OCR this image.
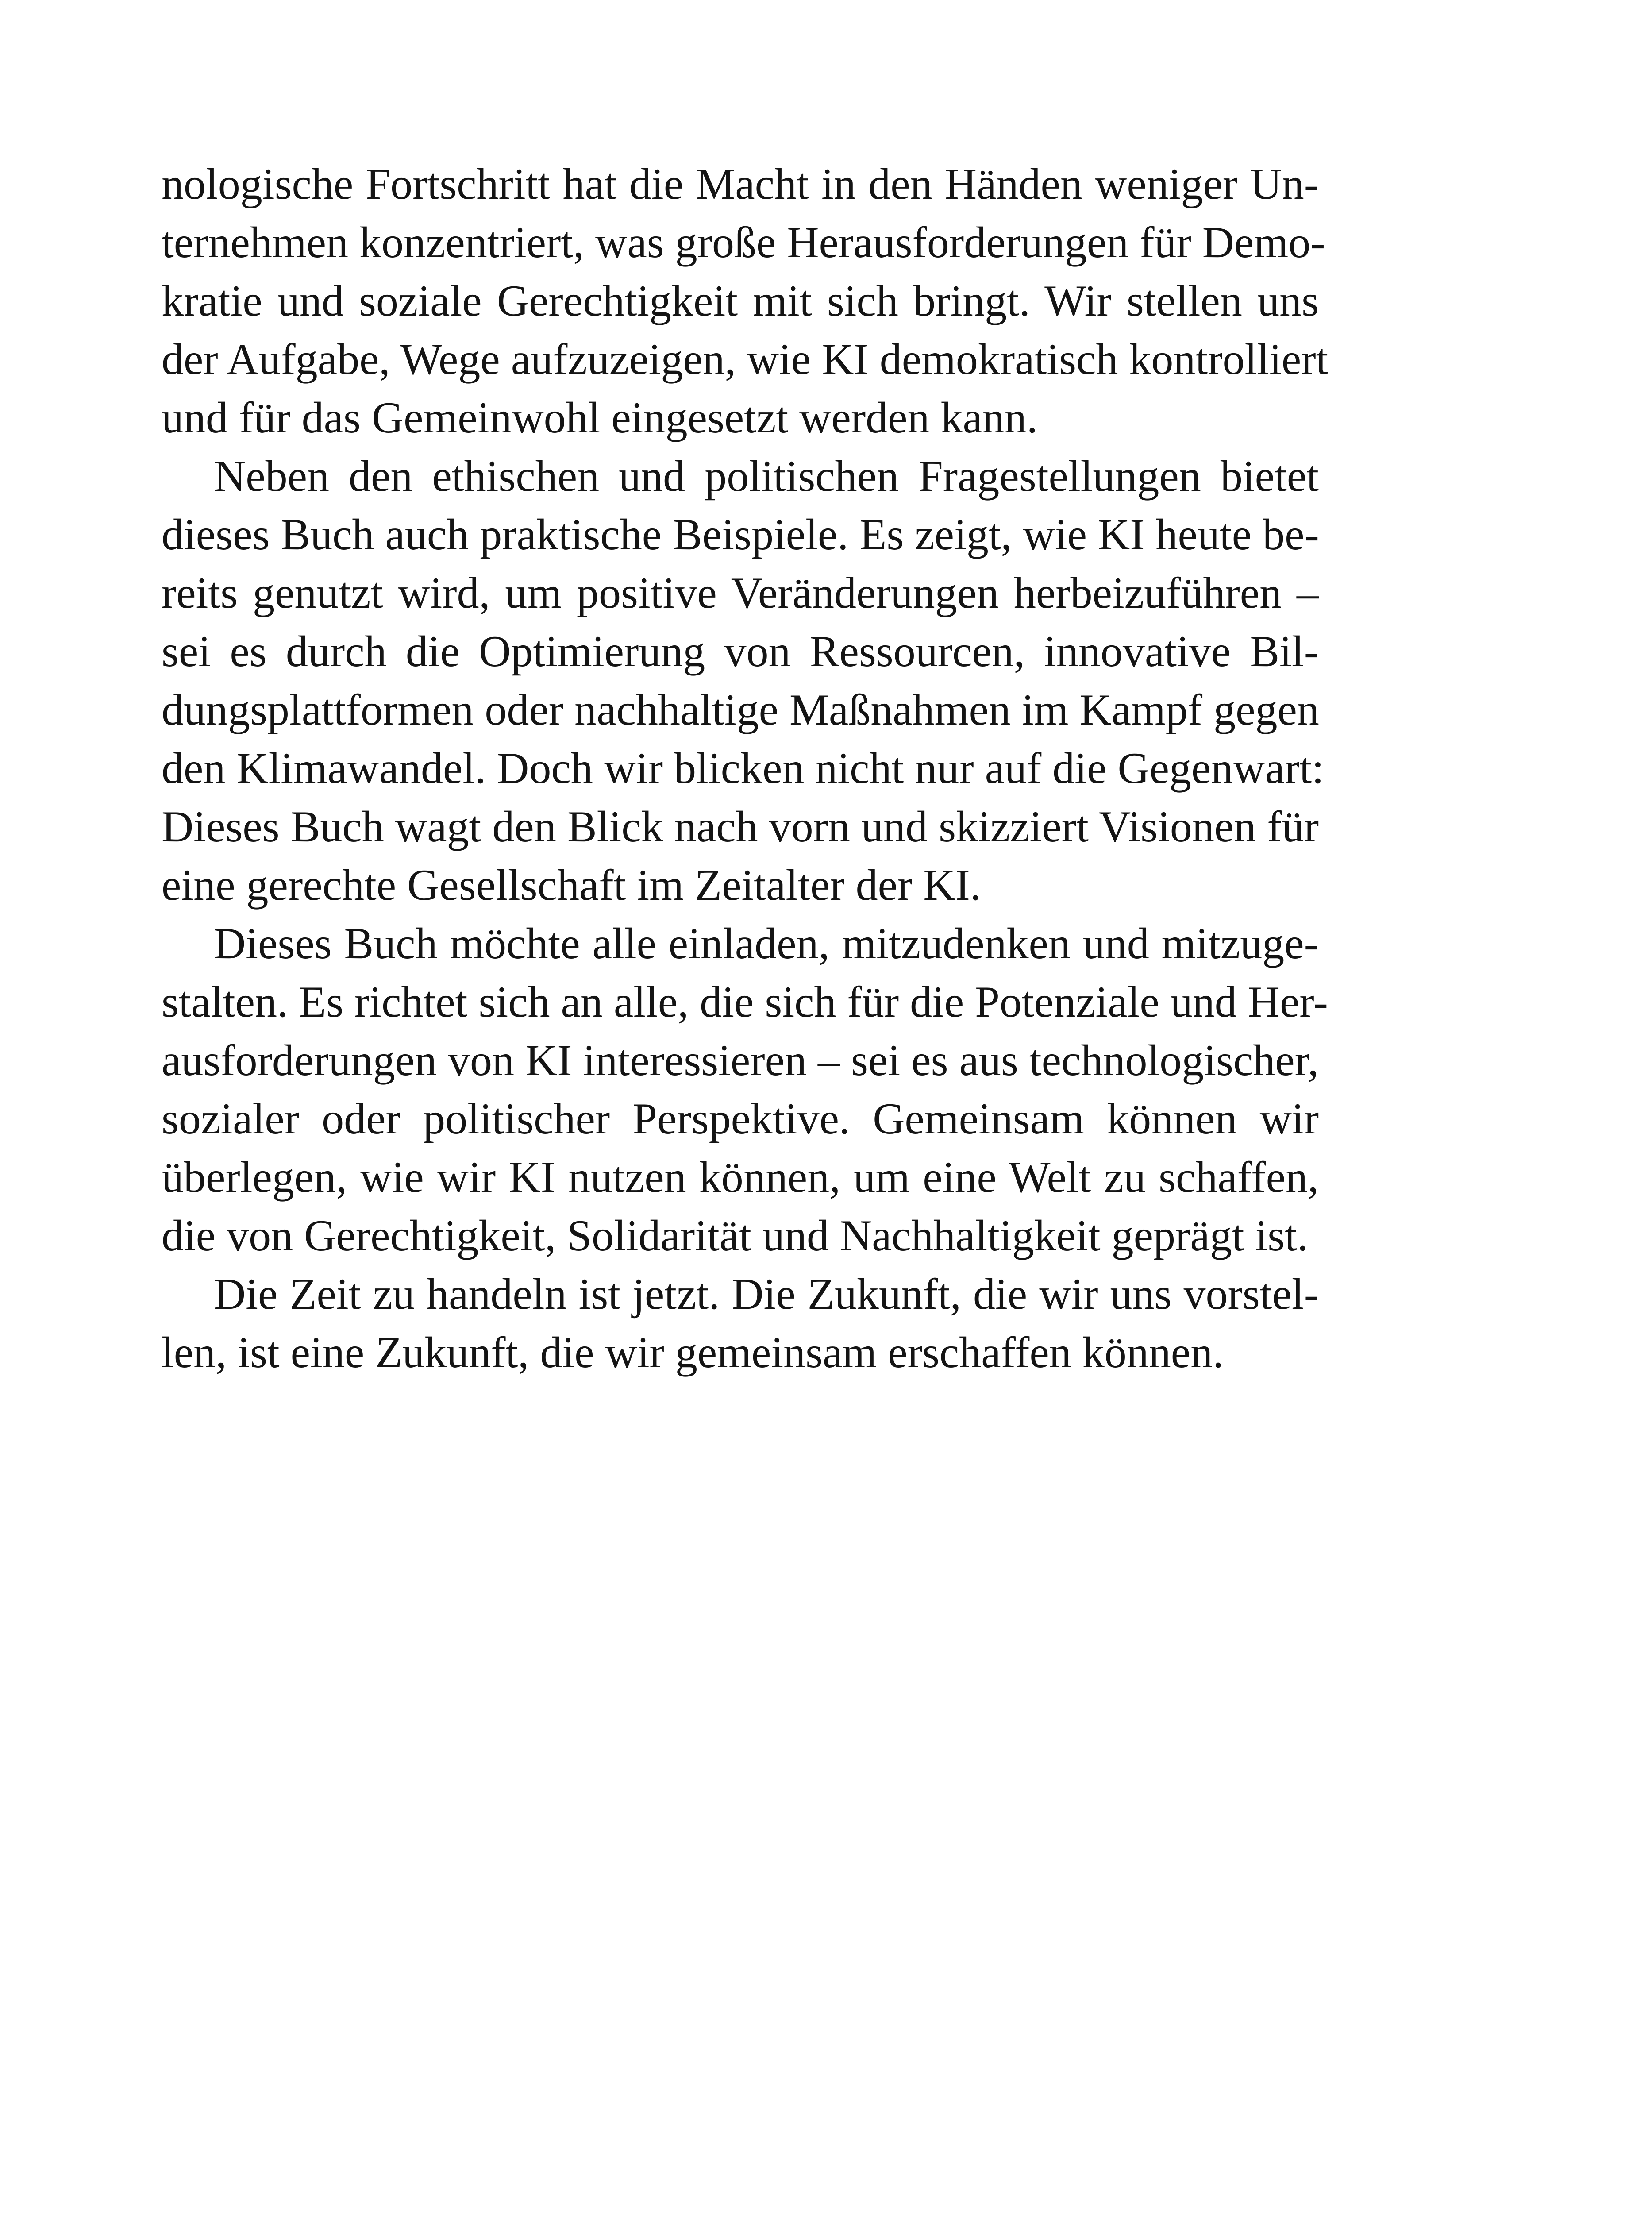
nologische Fortschritt hat die Macht in den Händen weniger Un-
ternehmen konzentriert, was große Herausforderungen für Demo-
kratie und soziale Gerechtigkeit mit sich bringt. Wir stellen uns
der Aufgabe, Wege aufzuzeigen, wie KI demokratisch kontrolliert
und für das Gemeinwohl eingesetzt werden kann.
Neben den ethischen und politischen Fragestellungen bietet
dieses Buch auch praktische Beispiele. Es zeigt, wie KI heute be-
reits genutzt wird, um positive Veränderungen herbeizuführen –
sei es durch die Optimierung von Ressourcen, innovative Bil-
dungsplattformen oder nachhaltige Maßnahmen im Kampf gegen
den Klimawandel. Doch wir blicken nicht nur auf die Gegenwart:
Dieses Buch wagt den Blick nach vorn und skizziert Visionen für
eine gerechte Gesellschaft im Zeitalter der KI.
Dieses Buch möchte alle einladen, mitzudenken und mitzuge-
stalten. Es richtet sich an alle, die sich für die Potenziale und Her-
ausforderungen von KI interessieren – sei es aus technologischer,
sozialer oder politischer Perspektive. Gemeinsam können wir
überlegen, wie wir KI nutzen können, um eine Welt zu schaffen,
die von Gerechtigkeit, Solidarität und Nachhaltigkeit geprägt ist.
Die Zeit zu handeln ist jetzt. Die Zukunft, die wir uns vorstel-
len, ist eine Zukunft, die wir gemeinsam erschaffen können.
